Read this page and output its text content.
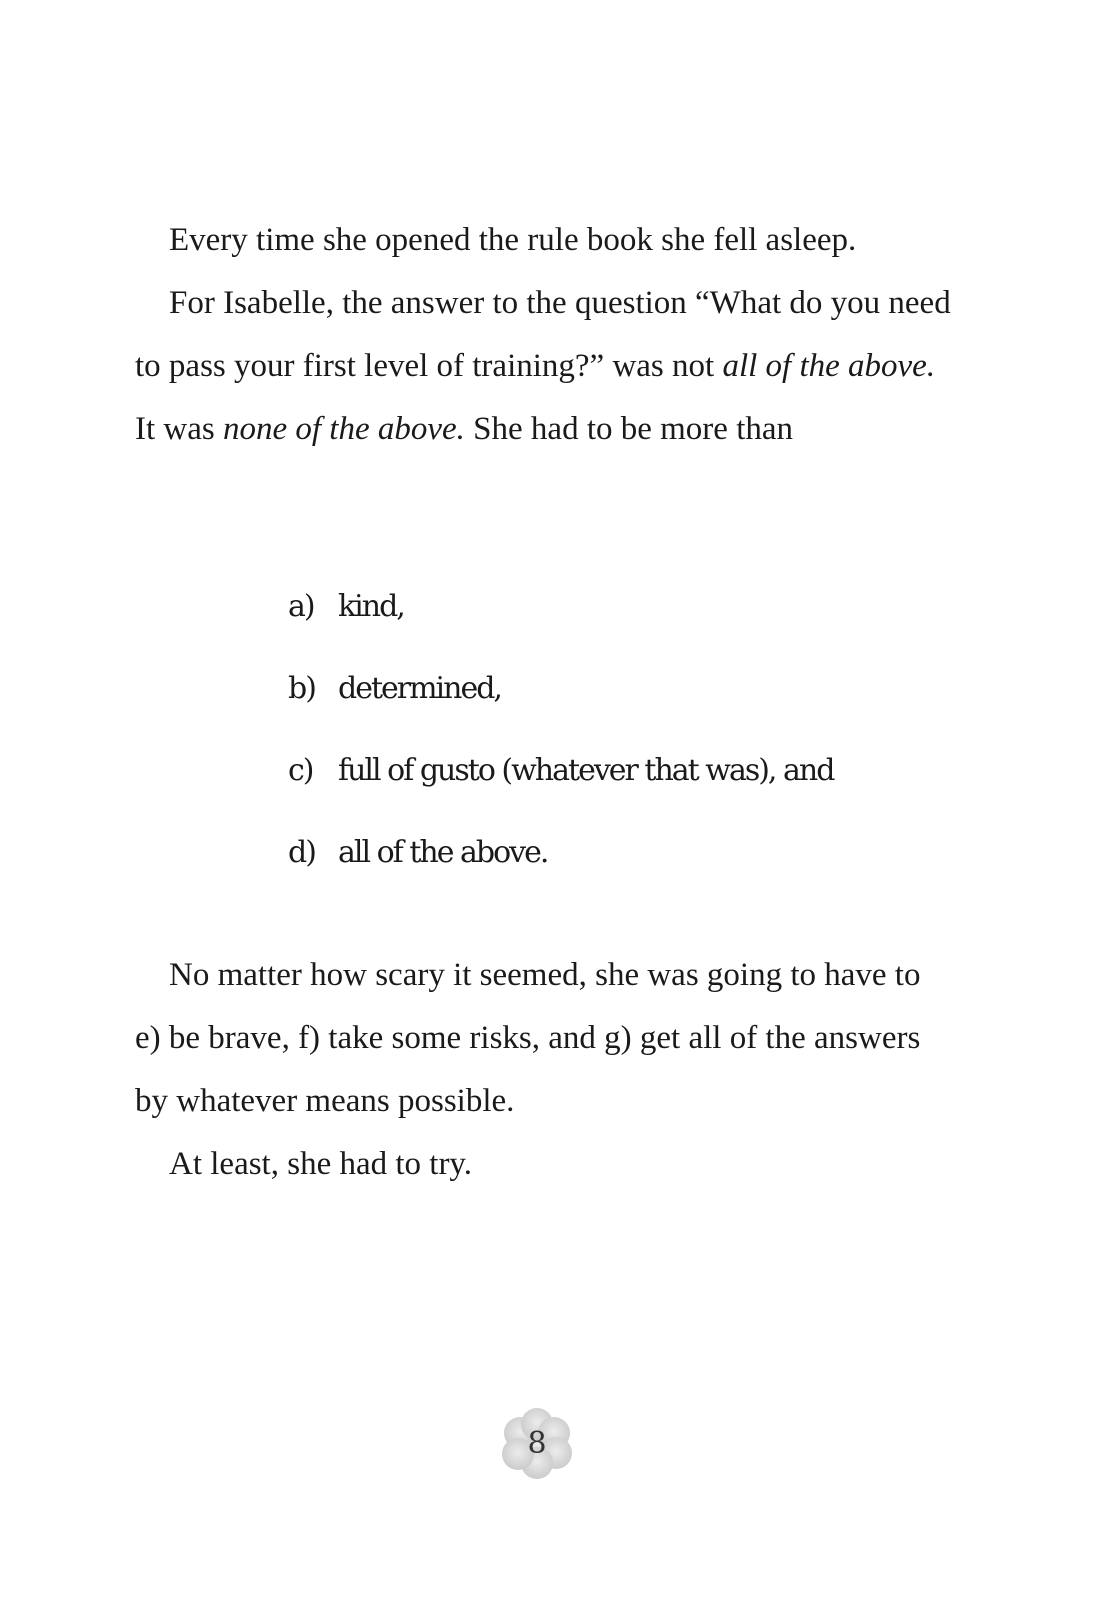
Every time she opened the rule book she fell asleep.

For Isabelle, the answer to the question “What do you need to pass your first level of training?” was not all of the above. It was none of the above. She had to be more than

a) kind,
b) determined,
c) full of gusto (whatever that was), and
d) all of the above.

No matter how scary it seemed, she was going to have to e) be brave, f) take some risks, and g) get all of the answers by whatever means possible.

At least, she had to try.

8
